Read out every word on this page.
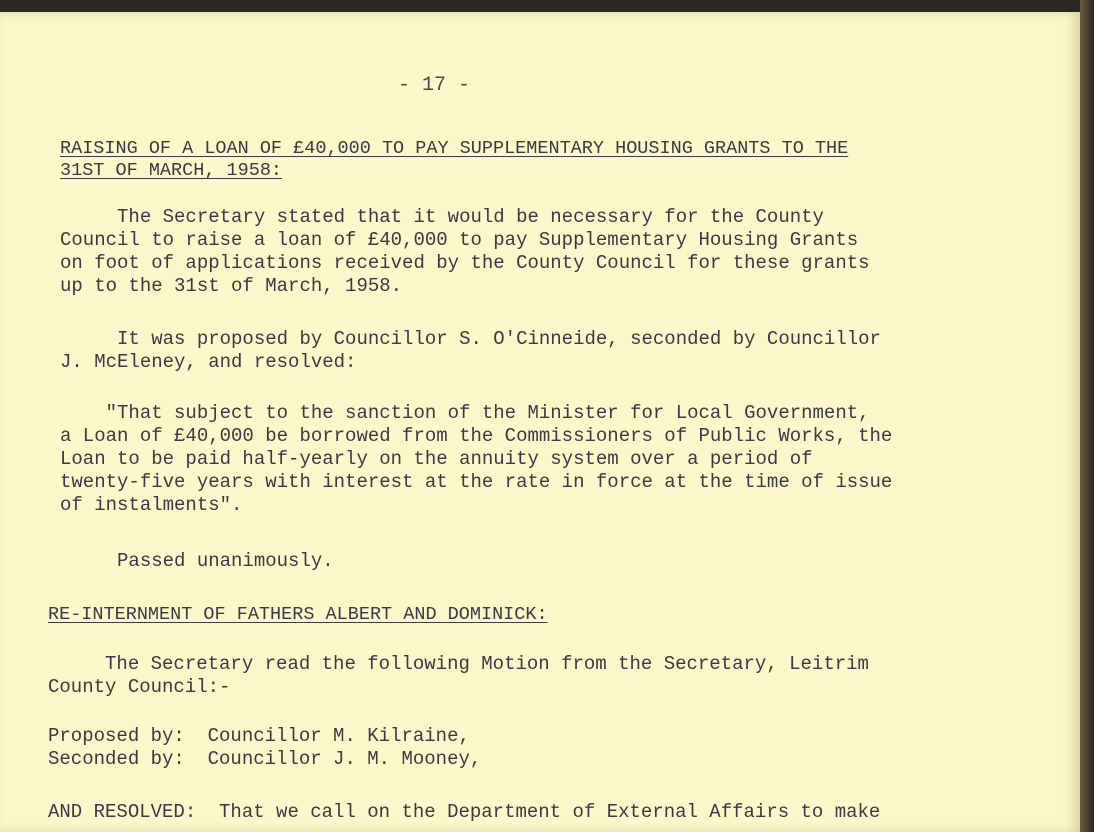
- 17 -
RAISING OF A LOAN OF £40,000 TO PAY SUPPLEMENTARY HOUSING GRANTS TO THE
31ST OF MARCH, 1958:
The Secretary stated that it would be necessary for the County
Council to raise a loan of £40,000 to pay Supplementary Housing Grants
on foot of applications received by the County Council for these grants
up to the 31st of March, 1958.
It was proposed by Councillor S. O'Cinneide, seconded by Councillor
J. McEleney, and resolved:
"That subject to the sanction of the Minister for Local Government,
a Loan of £40,000 be borrowed from the Commissioners of Public Works, the
Loan to be paid half-yearly on the annuity system over a period of
twenty-five years with interest at the rate in force at the time of issue
of instalments".
Passed unanimously.
RE-INTERNMENT OF FATHERS ALBERT AND DOMINICK:
The Secretary read the following Motion from the Secretary, Leitrim
County Council:-
Proposed by:  Councillor M. Kilraine,
Seconded by:  Councillor J. M. Mooney,
AND RESOLVED:  That we call on the Department of External Affairs to make
